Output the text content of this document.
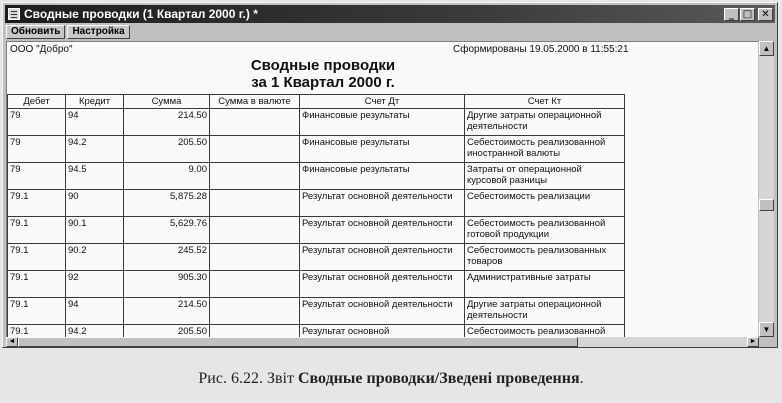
Сводные проводки (1 Квартал 2000 г.) *	_ □ ✕
Обновить	Настройка
ООО "Добро"	Сформированы 19.05.2000 в 11:55:21
Сводные проводки
за 1 Квартал 2000 г.
Дебет	Кредит	Сумма	Сумма в валюте	Счет Дт	Счет Кт
79	94	214.50		Финансовые результаты	Другие затраты операционной деятельности
79	94.2	205.50		Финансовые результаты	Себестоимость реализованной иностранной валюты
79	94.5	9.00		Финансовые результаты	Затраты от операционной курсовой разницы
79.1	90	5,875.28		Результат основной деятельности	Себестоимость реализации
79.1	90.1	5,629.76		Результат основной деятельности	Себестоимость реализованной готовой продукции
79.1	90.2	245.52		Результат основной деятельности	Себестоимость реализованных товаров
79.1	92	905.30		Результат основной деятельности	Административные затраты
79.1	94	214.50		Результат основной деятельности	Другие затраты операционной деятельности
79.1	94.2	205.50		Результат основной	Себестоимость реализованной
▲
▼
◄	►
Рис. 6.22. Звіт Сводные проводки/Зведені проведення.
